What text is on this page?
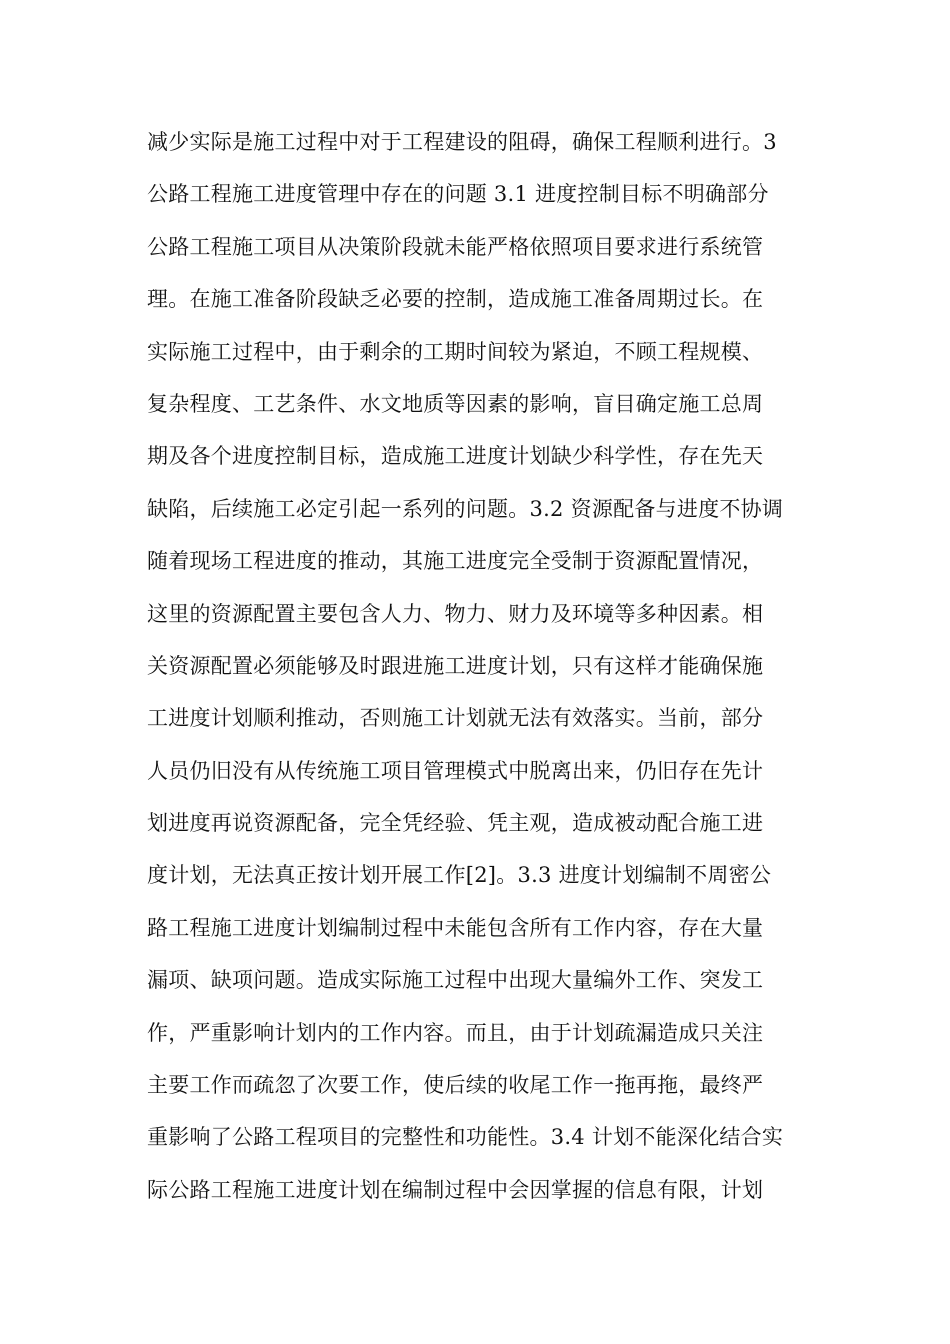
减少实际是施工过程中对于工程建设的阻碍，确保工程顺利进行。3
公路工程施工进度管理中存在的问题 3.1 进度控制目标不明确部分
公路工程施工项目从决策阶段就未能严格依照项目要求进行系统管
理。在施工准备阶段缺乏必要的控制，造成施工准备周期过长。在
实际施工过程中，由于剩余的工期时间较为紧迫，不顾工程规模、
复杂程度、工艺条件、水文地质等因素的影响，盲目确定施工总周
期及各个进度控制目标，造成施工进度计划缺少科学性，存在先天
缺陷，后续施工必定引起一系列的问题。3.2 资源配备与进度不协调
随着现场工程进度的推动，其施工进度完全受制于资源配置情况，
这里的资源配置主要包含人力、物力、财力及环境等多种因素。相
关资源配置必须能够及时跟进施工进度计划，只有这样才能确保施
工进度计划顺利推动，否则施工计划就无法有效落实。当前，部分
人员仍旧没有从传统施工项目管理模式中脱离出来，仍旧存在先计
划进度再说资源配备，完全凭经验、凭主观，造成被动配合施工进
度计划，无法真正按计划开展工作[2]。3.3 进度计划编制不周密公
路工程施工进度计划编制过程中未能包含所有工作内容，存在大量
漏项、缺项问题。造成实际施工过程中出现大量编外工作、突发工
作，严重影响计划内的工作内容。而且，由于计划疏漏造成只关注
主要工作而疏忽了次要工作，使后续的收尾工作一拖再拖，最终严
重影响了公路工程项目的完整性和功能性。3.4 计划不能深化结合实
际公路工程施工进度计划在编制过程中会因掌握的信息有限，计划
